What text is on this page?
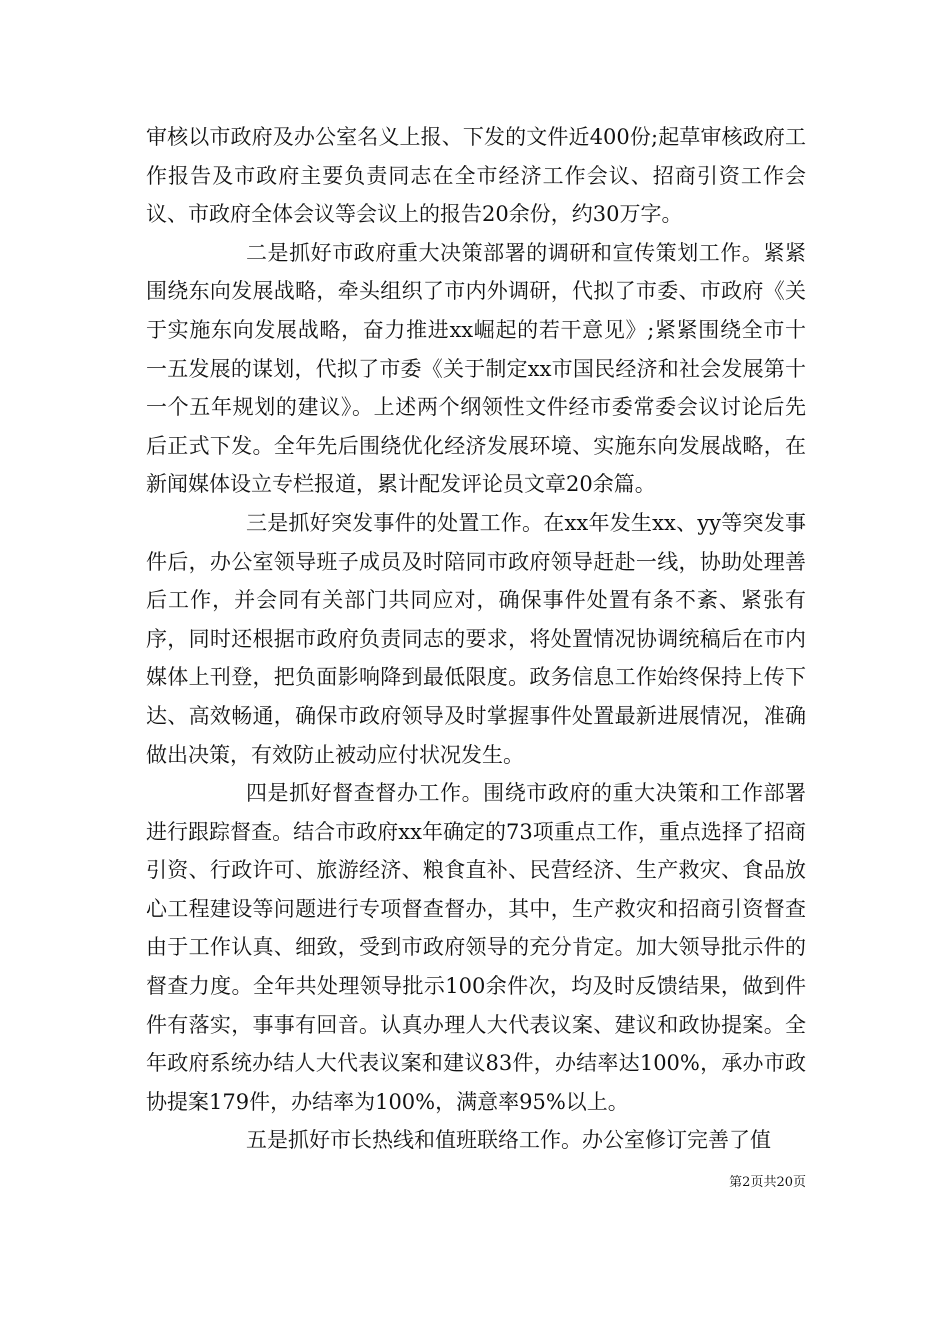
审核以市政府及办公室名义上报、下发的文件近400份;起草审核政府工作报告及市政府主要负责同志在全市经济工作会议、招商引资工作会议、市政府全体会议等会议上的报告20余份，约30万字。

二是抓好市政府重大决策部署的调研和宣传策划工作。紧紧围绕东向发展战略，牵头组织了市内外调研，代拟了市委、市政府《关于实施东向发展战略，奋力推进xx崛起的若干意见》;紧紧围绕全市十一五发展的谋划，代拟了市委《关于制定xx市国民经济和社会发展第十一个五年规划的建议》。上述两个纲领性文件经市委常委会议讨论后先后正式下发。全年先后围绕优化经济发展环境、实施东向发展战略，在新闻媒体设立专栏报道，累计配发评论员文章20余篇。

三是抓好突发事件的处置工作。在xx年发生xx、yy等突发事件后，办公室领导班子成员及时陪同市政府领导赶赴一线，协助处理善后工作，并会同有关部门共同应对，确保事件处置有条不紊、紧张有序，同时还根据市政府负责同志的要求，将处置情况协调统稿后在市内媒体上刊登，把负面影响降到最低限度。政务信息工作始终保持上传下达、高效畅通，确保市政府领导及时掌握事件处置最新进展情况，准确做出决策，有效防止被动应付状况发生。

四是抓好督查督办工作。围绕市政府的重大决策和工作部署进行跟踪督查。结合市政府xx年确定的73项重点工作，重点选择了招商引资、行政许可、旅游经济、粮食直补、民营经济、生产救灾、食品放心工程建设等问题进行专项督查督办，其中，生产救灾和招商引资督查由于工作认真、细致，受到市政府领导的充分肯定。加大领导批示件的督查力度。全年共处理领导批示100余件次，均及时反馈结果，做到件件有落实，事事有回音。认真办理人大代表议案、建议和政协提案。全年政府系统办结人大代表议案和建议83件，办结率达100%，承办市政协提案179件，办结率为100%，满意率95%以上。

五是抓好市长热线和值班联络工作。办公室修订完善了值

第2页共20页
